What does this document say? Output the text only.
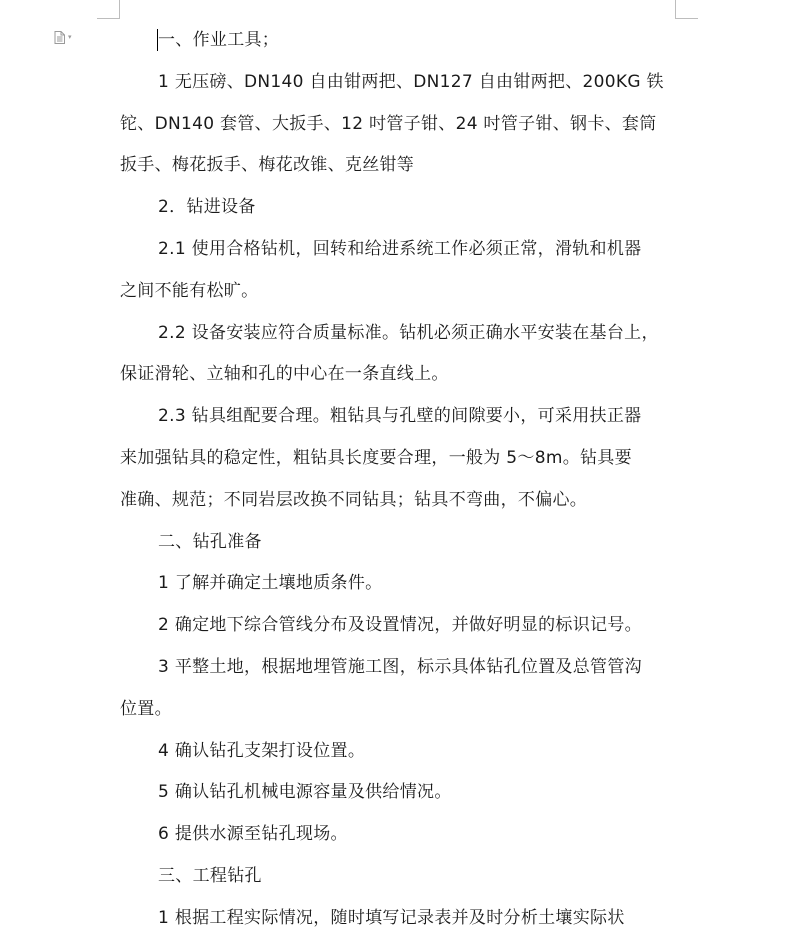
▾	一、作业工具；

1 无压磅、DN140 自由钳两把、DN127 自由钳两把、200KG 铁

铊、DN140 套管、大扳手、12 吋管子钳、24 吋管子钳、钢卡、套筒

扳手、梅花扳手、梅花改锥、克丝钳等

2．钻进设备

2.1 使用合格钻机，回转和给进系统工作必须正常，滑轨和机器

之间不能有松旷。

2.2 设备安装应符合质量标准。钻机必须正确水平安装在基台上，

保证滑轮、立轴和孔的中心在一条直线上。

2.3 钻具组配要合理。粗钻具与孔壁的间隙要小，可采用扶正器

来加强钻具的稳定性，粗钻具长度要合理，一般为 5～8m。钻具要

准确、规范；不同岩层改换不同钻具；钻具不弯曲，不偏心。

二、钻孔准备

1 了解并确定土壤地质条件。

2 确定地下综合管线分布及设置情况，并做好明显的标识记号。

3 平整土地，根据地埋管施工图，标示具体钻孔位置及总管管沟

位置。

4 确认钻孔支架打设位置。

5 确认钻孔机械电源容量及供给情况。

6 提供水源至钻孔现场。

三、工程钻孔

1 根据工程实际情况，随时填写记录表并及时分析土壤实际状
